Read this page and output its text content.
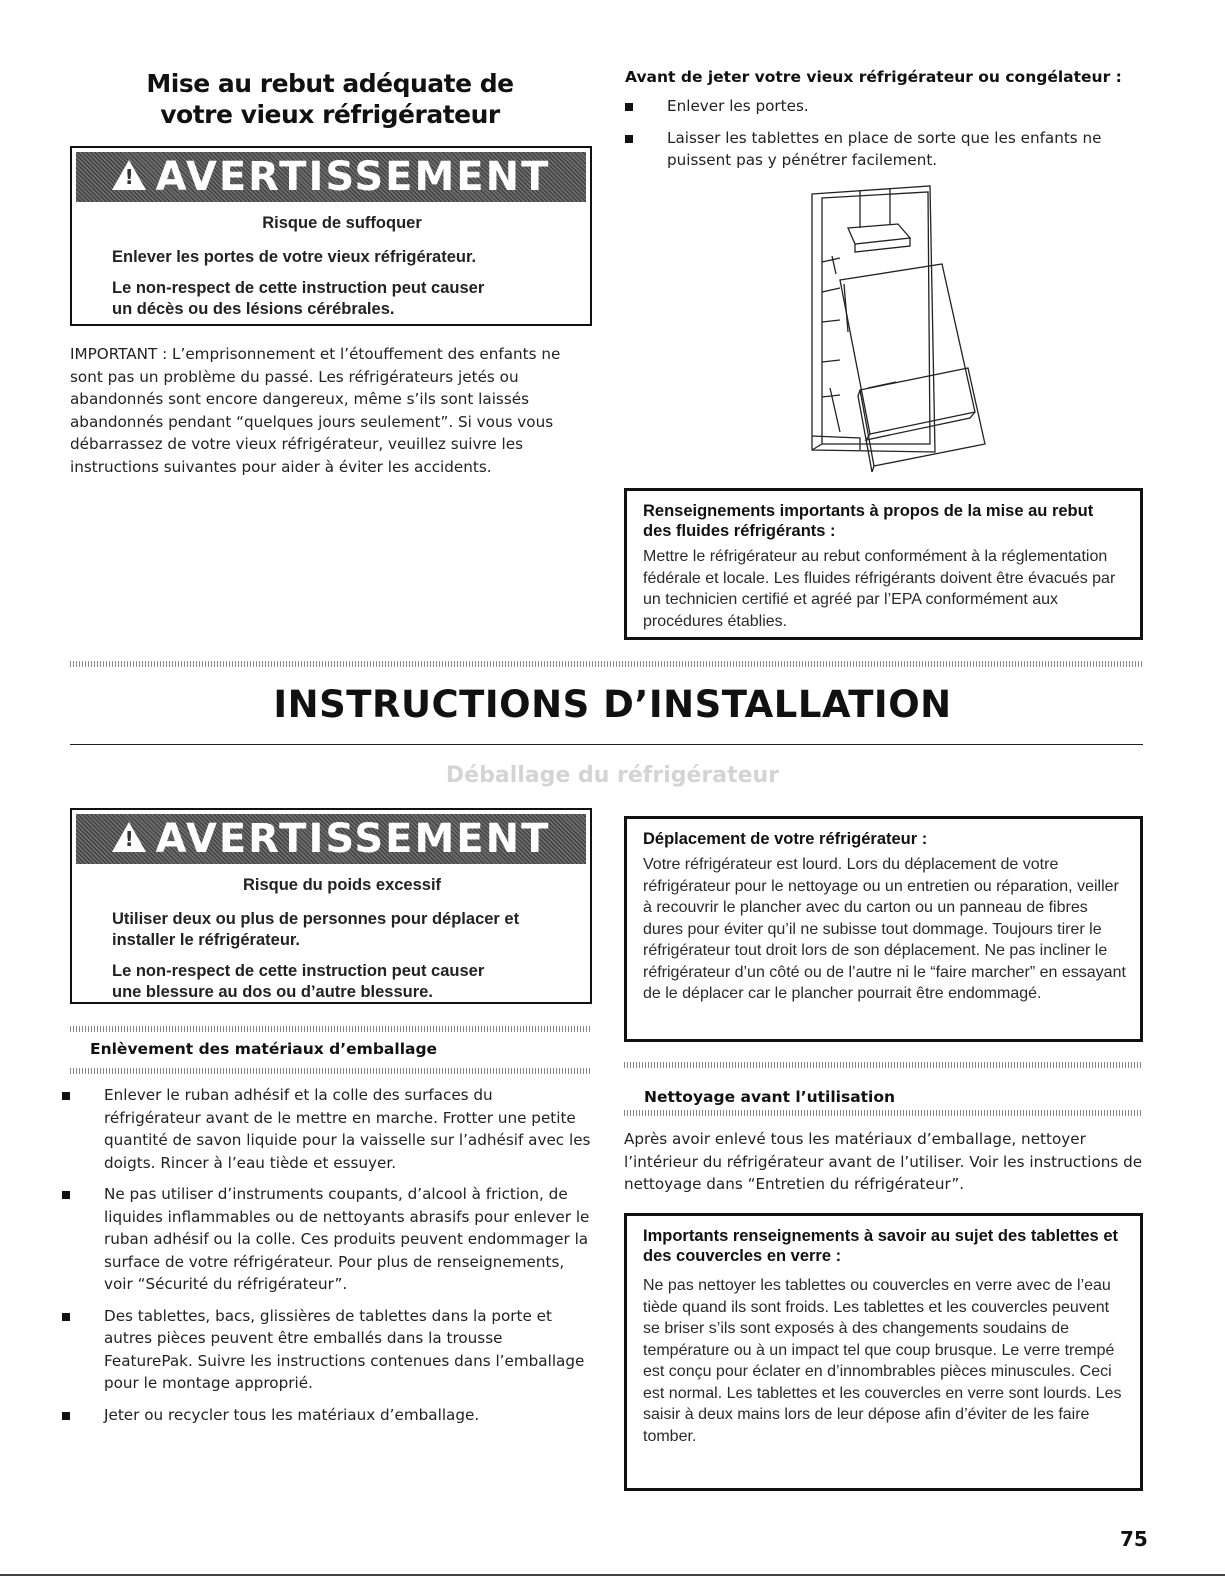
Mise au rebut adéquate de
votre vieux réfrigérateur
! AVERTISSEMENT
Risque de suffoquer
Enlever les portes de votre vieux réfrigérateur.
Le non-respect de cette instruction peut causer
un décès ou des lésions cérébrales.
IMPORTANT : L’emprisonnement et l’étouffement des enfants ne sont pas un problème du passé. Les réfrigérateurs jetés ou abandonnés sont encore dangereux, même s’ils sont laissés abandonnés pendant “quelques jours seulement”. Si vous vous débarrassez de votre vieux réfrigérateur, veuillez suivre les instructions suivantes pour aider à éviter les accidents.
Avant de jeter votre vieux réfrigérateur ou congélateur :
Enlever les portes.
Laisser les tablettes en place de sorte que les enfants ne puissent pas y pénétrer facilement.
Renseignements importants à propos de la mise au rebut des fluides réfrigérants :
Mettre le réfrigérateur au rebut conformément à la réglementation fédérale et locale. Les fluides réfrigérants doivent être évacués par un technicien certifié et agréé par l’EPA conformément aux procédures établies.
INSTRUCTIONS D’INSTALLATION
Déballage du réfrigérateur
! AVERTISSEMENT
Risque du poids excessif
Utiliser deux ou plus de personnes pour déplacer et
installer le réfrigérateur.
Le non-respect de cette instruction peut causer
une blessure au dos ou d’autre blessure.
Enlèvement des matériaux d’emballage
Enlever le ruban adhésif et la colle des surfaces du réfrigérateur avant de le mettre en marche. Frotter une petite quantité de savon liquide pour la vaisselle sur l’adhésif avec les doigts. Rincer à l’eau tiède et essuyer.
Ne pas utiliser d’instruments coupants, d’alcool à friction, de liquides inflammables ou de nettoyants abrasifs pour enlever le ruban adhésif ou la colle. Ces produits peuvent endommager la surface de votre réfrigérateur. Pour plus de renseignements, voir “Sécurité du réfrigérateur”.
Des tablettes, bacs, glissières de tablettes dans la porte et autres pièces peuvent être emballés dans la trousse FeaturePak. Suivre les instructions contenues dans l’emballage pour le montage approprié.
Jeter ou recycler tous les matériaux d’emballage.
Déplacement de votre réfrigérateur :
Votre réfrigérateur est lourd. Lors du déplacement de votre réfrigérateur pour le nettoyage ou un entretien ou réparation, veiller à recouvrir le plancher avec du carton ou un panneau de fibres dures pour éviter qu’il ne subisse tout dommage. Toujours tirer le réfrigérateur tout droit lors de son déplacement. Ne pas incliner le réfrigérateur d’un côté ou de l’autre ni le “faire marcher” en essayant de le déplacer car le plancher pourrait être endommagé.
Nettoyage avant l’utilisation
Après avoir enlevé tous les matériaux d’emballage, nettoyer l’intérieur du réfrigérateur avant de l’utiliser. Voir les instructions de nettoyage dans “Entretien du réfrigérateur”.
Importants renseignements à savoir au sujet des tablettes et des couvercles en verre :
Ne pas nettoyer les tablettes ou couvercles en verre avec de l’eau tiède quand ils sont froids. Les tablettes et les couvercles peuvent se briser s’ils sont exposés à des changements soudains de température ou à un impact tel que coup brusque. Le verre trempé est conçu pour éclater en d’innombrables pièces minuscules. Ceci est normal. Les tablettes et les couvercles en verre sont lourds. Les saisir à deux mains lors de leur dépose afin d’éviter de les faire tomber.
75
